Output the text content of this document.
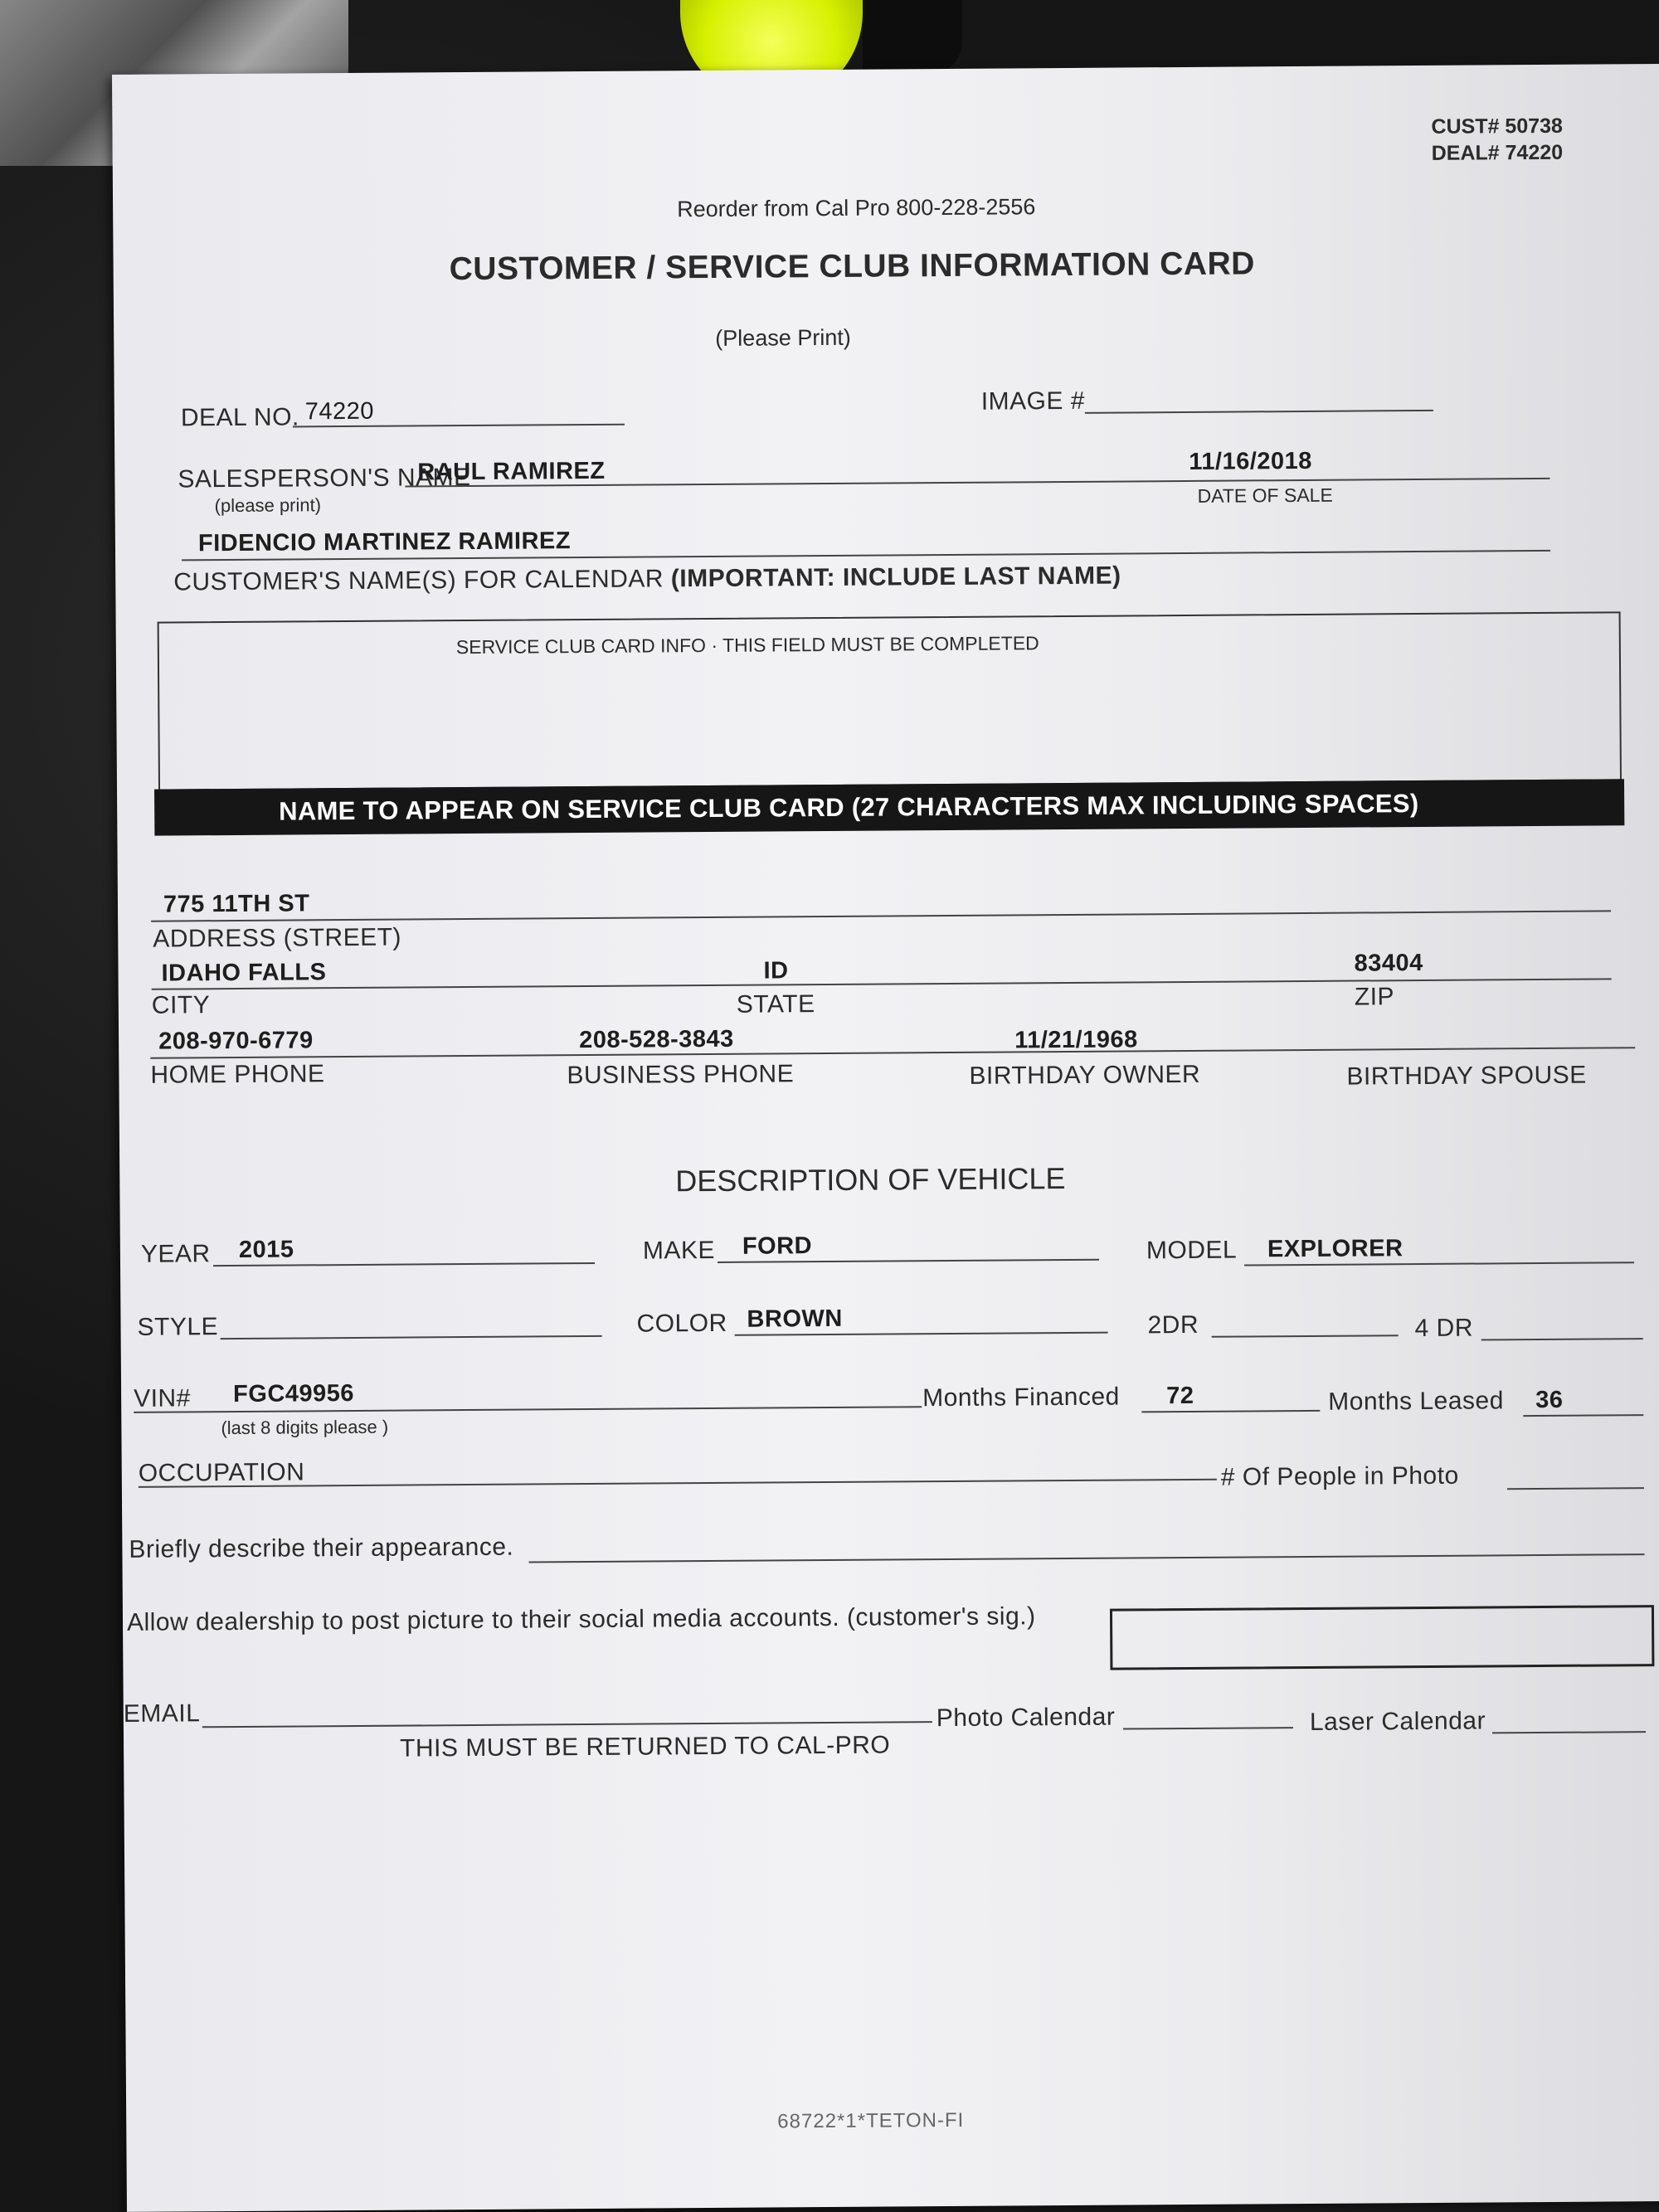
CUST# 50738
DEAL# 74220
Reorder from Cal Pro 800-228-2556
CUSTOMER / SERVICE CLUB INFORMATION CARD
(Please Print)
DEAL NO. 74220	IMAGE #
SALESPERSON'S NAME
(please print)
RAUL RAMIREZ	11/16/2018
DATE OF SALE
FIDENCIO MARTINEZ RAMIREZ
CUSTOMER'S NAME(S) FOR CALENDAR (IMPORTANT: INCLUDE LAST NAME)
SERVICE CLUB CARD INFO · THIS FIELD MUST BE COMPLETED
NAME TO APPEAR ON SERVICE CLUB CARD (27 CHARACTERS MAX INCLUDING SPACES)
775 11TH ST
ADDRESS (STREET)
IDAHO FALLS	ID	83404
CITY	STATE	ZIP
208-970-6779	208-528-3843	11/21/1968
HOME PHONE	BUSINESS PHONE	BIRTHDAY OWNER	BIRTHDAY SPOUSE
DESCRIPTION OF VEHICLE
YEAR 2015	MAKE FORD	MODEL EXPLORER
STYLE	COLOR BROWN	2DR	4 DR
VIN# FGC49956
(last 8 digits please )
Months Financed 72	Months Leased 36
OCCUPATION	# Of People in Photo
Briefly describe their appearance.
Allow dealership to post picture to their social media accounts. (customer's sig.)
EMAIL	Photo Calendar	Laser Calendar
THIS MUST BE RETURNED TO CAL-PRO
68722*1*TETON-FI
